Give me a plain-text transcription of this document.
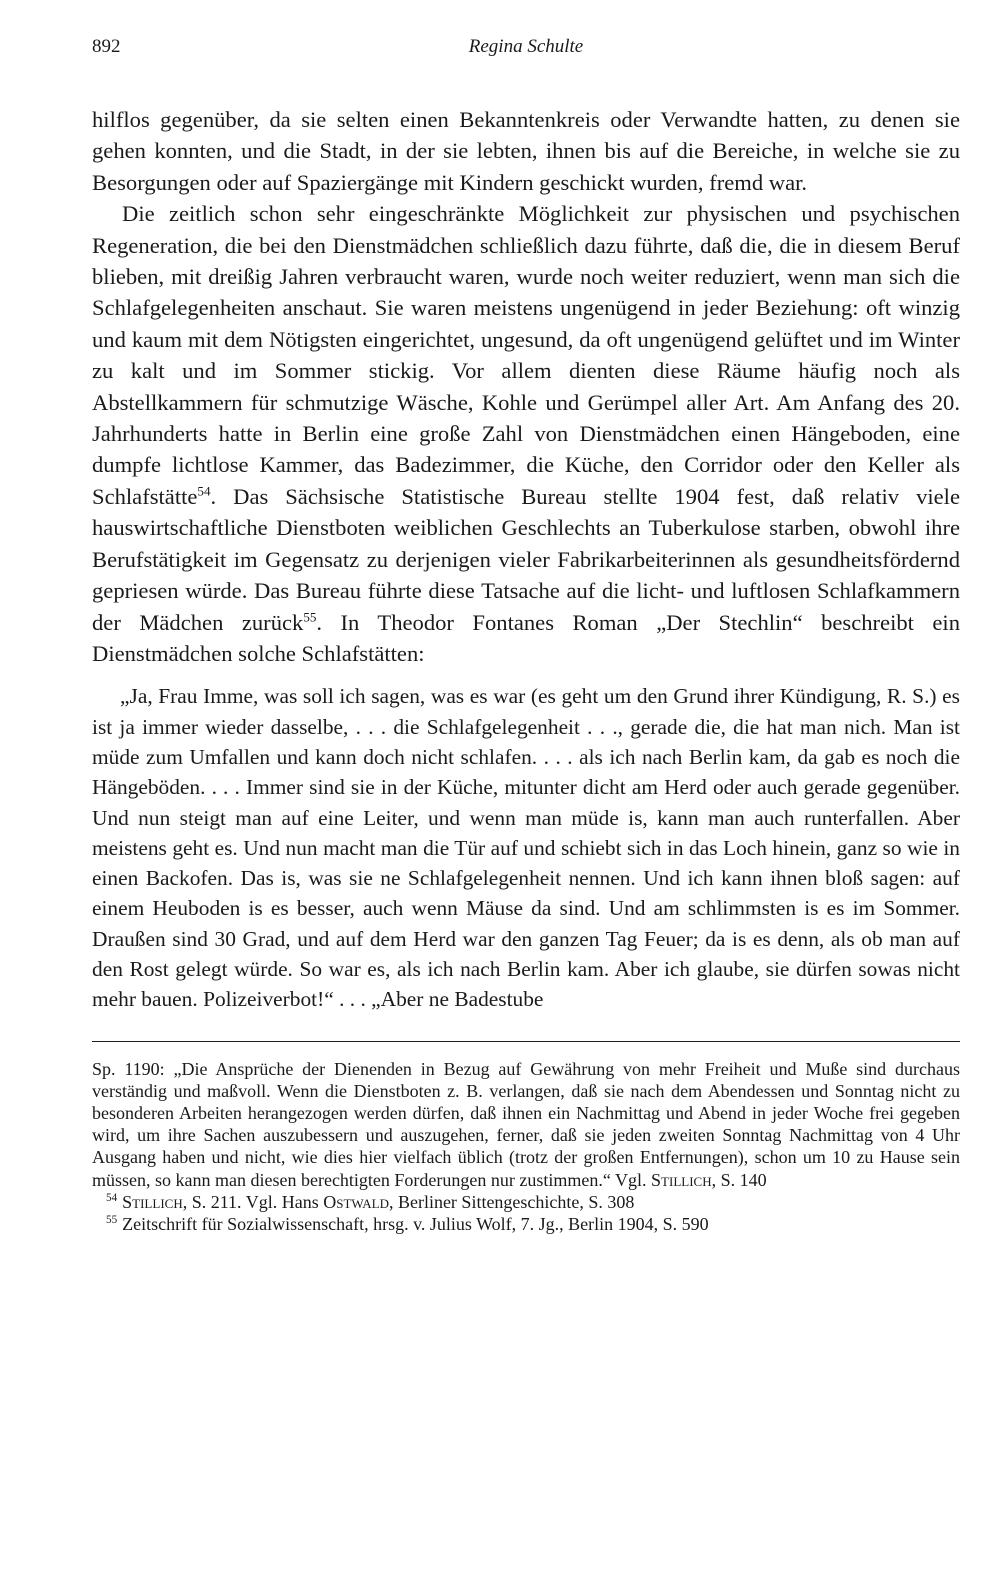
892	Regina Schulte

hilflos gegenüber, da sie selten einen Bekanntenkreis oder Verwandte hatten, zu denen sie gehen konnten, und die Stadt, in der sie lebten, ihnen bis auf die Bereiche, in welche sie zu Besorgungen oder auf Spaziergänge mit Kindern geschickt wurden, fremd war.

Die zeitlich schon sehr eingeschränkte Möglichkeit zur physischen und psychischen Regeneration, die bei den Dienstmädchen schließlich dazu führte, daß die, die in diesem Beruf blieben, mit dreißig Jahren verbraucht waren, wurde noch weiter reduziert, wenn man sich die Schlafgelegenheiten anschaut. Sie waren meistens ungenügend in jeder Beziehung: oft winzig und kaum mit dem Nötigsten eingerichtet, ungesund, da oft ungenügend gelüftet und im Winter zu kalt und im Sommer stickig. Vor allem dienten diese Räume häufig noch als Abstellkammern für schmutzige Wäsche, Kohle und Gerümpel aller Art. Am Anfang des 20. Jahrhunderts hatte in Berlin eine große Zahl von Dienstmädchen einen Hängeboden, eine dumpfe lichtlose Kammer, das Badezimmer, die Küche, den Corridor oder den Keller als Schlafstätte$^{54}$. Das Sächsische Statistische Bureau stellte 1904 fest, daß relativ viele hauswirtschaftliche Dienstboten weiblichen Geschlechts an Tuberkulose starben, obwohl ihre Berufstätigkeit im Gegensatz zu derjenigen vieler Fabrikarbeiterinnen als gesundheitsfördernd gepriesen würde. Das Bureau führte diese Tatsache auf die licht- und luftlosen Schlafkammern der Mädchen zurück$^{55}$. In Theodor Fontanes Roman „Der Stechlin“ beschreibt ein Dienstmädchen solche Schlafstätten:

„Ja, Frau Imme, was soll ich sagen, was es war (es geht um den Grund ihrer Kündigung, R. S.) es ist ja immer wieder dasselbe, . . . die Schlafgelegenheit . . ., gerade die, die hat man nich. Man ist müde zum Umfallen und kann doch nicht schlafen. . . . als ich nach Berlin kam, da gab es noch die Hängeböden. . . . Immer sind sie in der Küche, mitunter dicht am Herd oder auch gerade gegenüber. Und nun steigt man auf eine Leiter, und wenn man müde is, kann man auch runterfallen. Aber meistens geht es. Und nun macht man die Tür auf und schiebt sich in das Loch hinein, ganz so wie in einen Backofen. Das is, was sie ne Schlafgelegenheit nennen. Und ich kann ihnen bloß sagen: auf einem Heuboden is es besser, auch wenn Mäuse da sind. Und am schlimmsten is es im Sommer. Draußen sind 30 Grad, und auf dem Herd war den ganzen Tag Feuer; da is es denn, als ob man auf den Rost gelegt würde. So war es, als ich nach Berlin kam. Aber ich glaube, sie dürfen sowas nicht mehr bauen. Polizeiverbot!“ . . . „Aber ne Badestube

Sp. 1190: „Die Ansprüche der Dienenden in Bezug auf Gewährung von mehr Freiheit und Muße sind durchaus verständig und maßvoll. Wenn die Dienstboten z. B. verlangen, daß sie nach dem Abendessen und Sonntag nicht zu besonderen Arbeiten herangezogen werden dürfen, daß ihnen ein Nachmittag und Abend in jeder Woche frei gegeben wird, um ihre Sachen auszubessern und auszugehen, ferner, daß sie jeden zweiten Sonntag Nachmittag von 4 Uhr Ausgang haben und nicht, wie dies hier vielfach üblich (trotz der großen Entfernungen), schon um 10 zu Hause sein müssen, so kann man diesen berechtigten Forderungen nur zustimmen.“ Vgl. Stillich, S. 140

$^{54}$ Stillich, S. 211. Vgl. Hans Ostwald, Berliner Sittengeschichte, S. 308

$^{55}$ Zeitschrift für Sozialwissenschaft, hrsg. v. Julius Wolf, 7. Jg., Berlin 1904, S. 590
